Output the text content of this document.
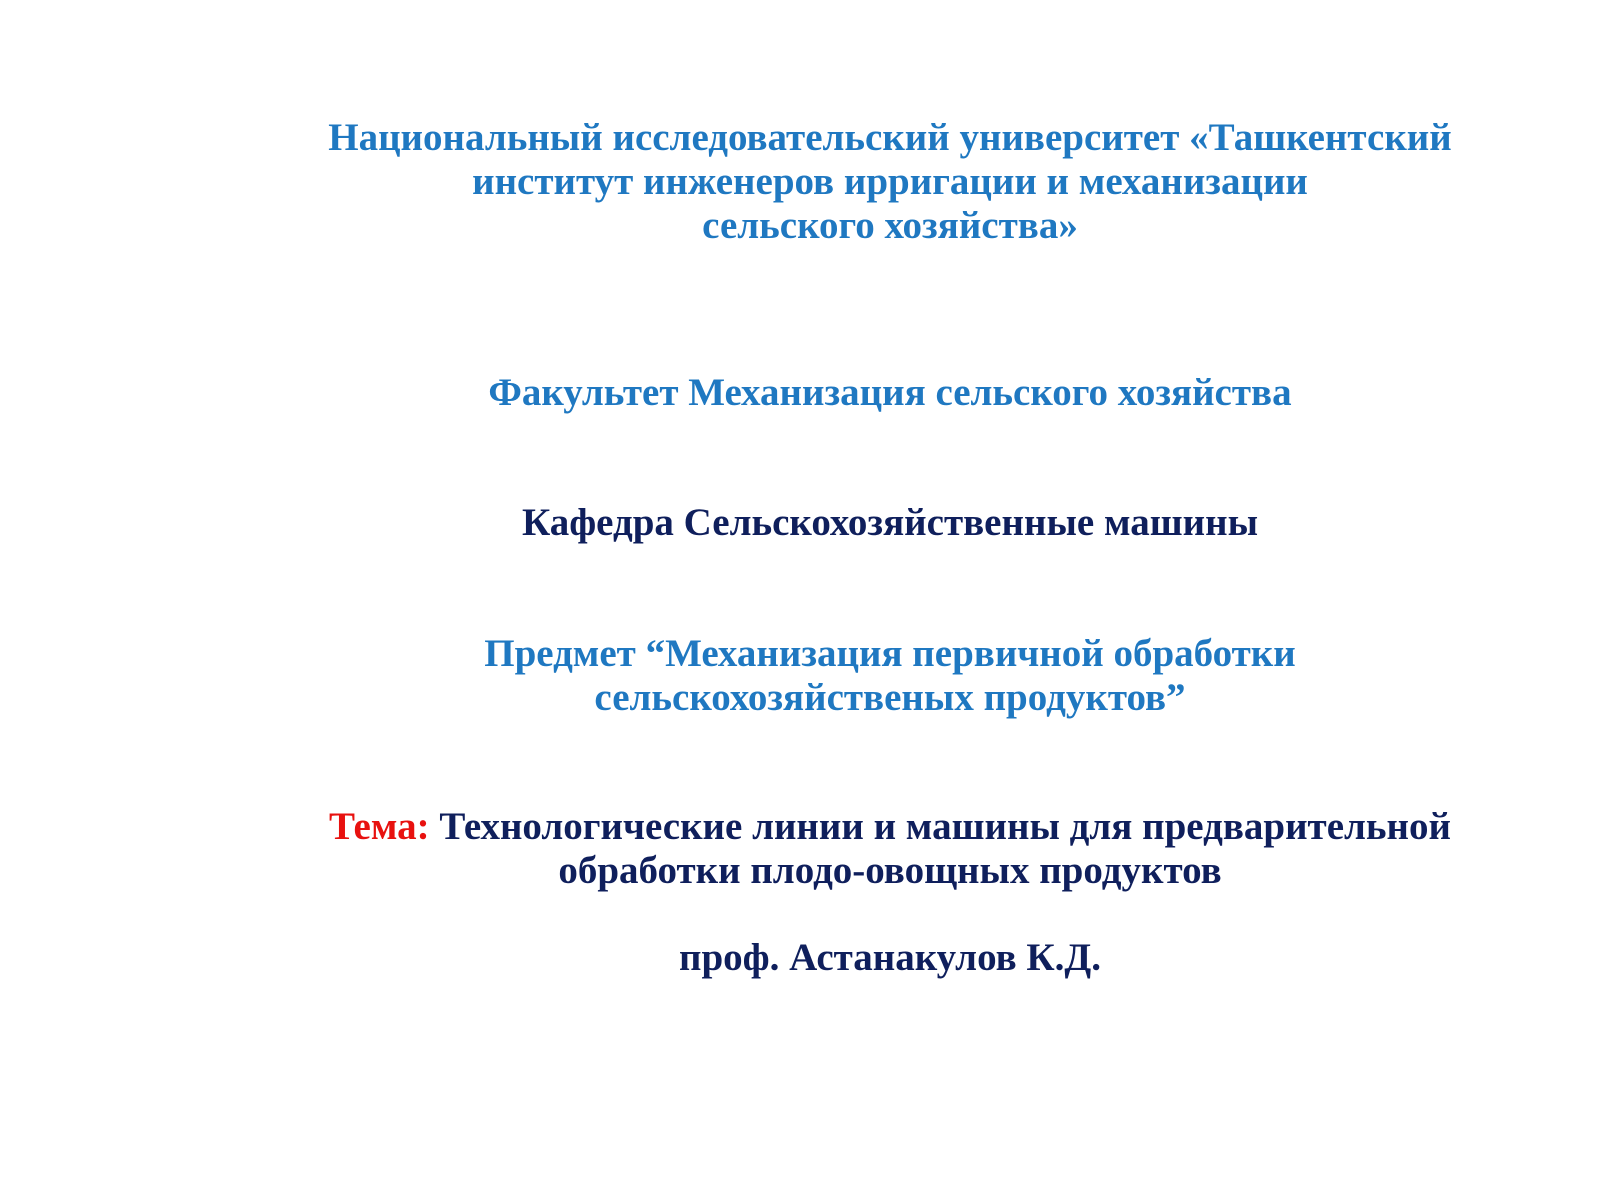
Национальный исследовательский университет «Ташкентский
институт инженеров ирригации и механизации
сельского хозяйства»
Факультет Механизация сельского хозяйства
Кафедра Сельскохозяйственные машины
Предмет “Механизация первичной обработки
сельскохозяйственых продуктов”
Тема: Технологические линии и машины для предварительной
обработки плодо-овощных продуктов
проф. Астанакулов К.Д.
